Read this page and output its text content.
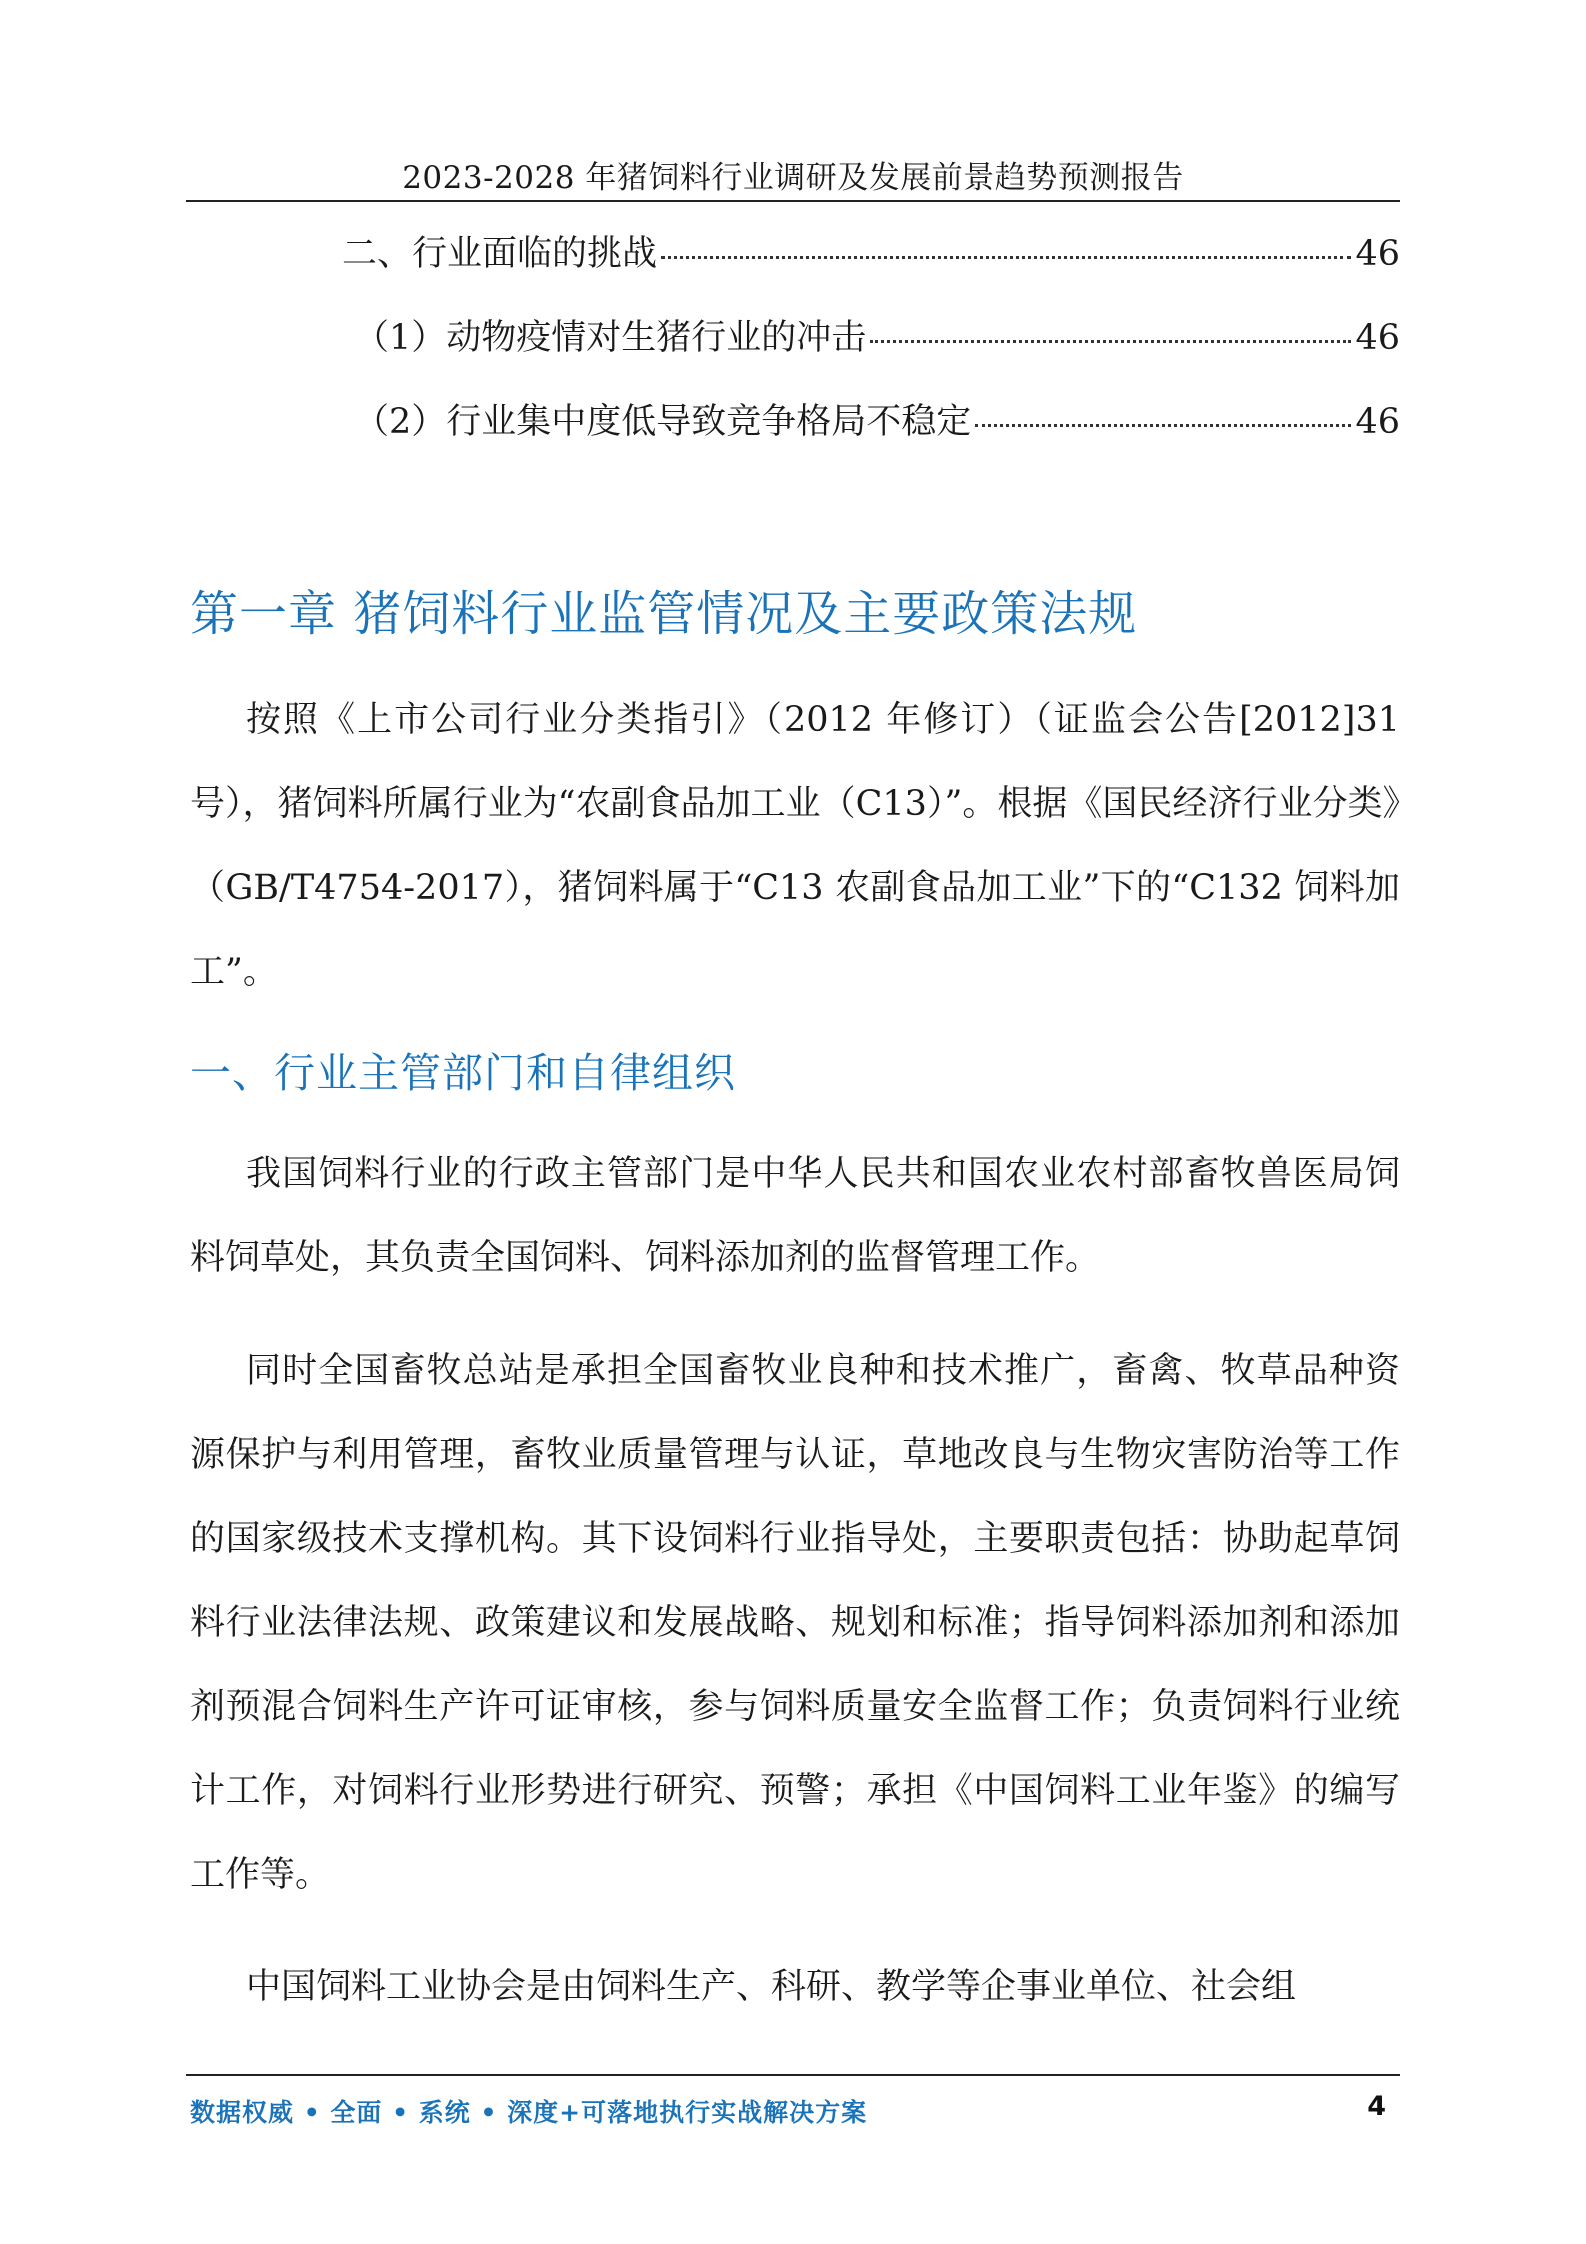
2023-2028 年猪饲料行业调研及发展前景趋势预测报告
二、行业面临的挑战	46
（1）动物疫情对生猪行业的冲击	46
（2）行业集中度低导致竞争格局不稳定	46
第一章 猪饲料行业监管情况及主要政策法规

按照《上市公司行业分类指引》（2012 年修订）（证监会公告[2012]31 号），猪饲料所属行业为“农副食品加工业（C13）”。根据《国民经济行业分类》（GB/T4754-2017），猪饲料属于“C13 农副食品加工业”下的“C132 饲料加工”。

一、行业主管部门和自律组织

我国饲料行业的行政主管部门是中华人民共和国农业农村部畜牧兽医局饲料饲草处，其负责全国饲料、饲料添加剂的监督管理工作。

同时全国畜牧总站是承担全国畜牧业良种和技术推广，畜禽、牧草品种资源保护与利用管理，畜牧业质量管理与认证，草地改良与生物灾害防治等工作的国家级技术支撑机构。其下设饲料行业指导处，主要职责包括：协助起草饲料行业法律法规、政策建议和发展战略、规划和标准；指导饲料添加剂和添加剂预混合饲料生产许可证审核，参与饲料质量安全监督工作；负责饲料行业统计工作，对饲料行业形势进行研究、预警；承担《中国饲料工业年鉴》的编写工作等。

中国饲料工业协会是由饲料生产、科研、教学等企事业单位、社会组

数据权威 • 全面 • 系统 • 深度+可落地执行实战解决方案	4
